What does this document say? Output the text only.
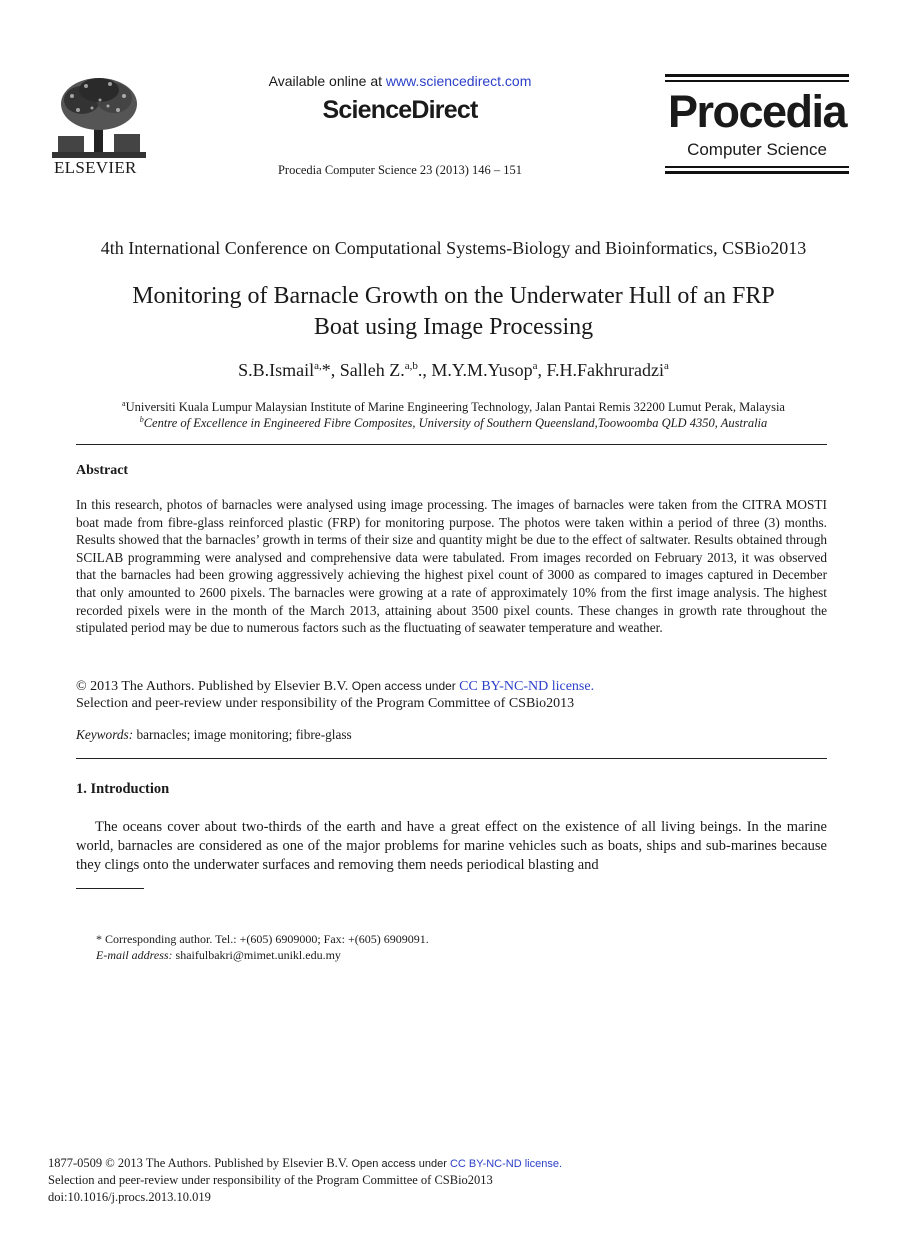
ELSEVIER
Available online at www.sciencedirect.com
ScienceDirect
Procedia Computer Science 23 (2013) 146 – 151
Procedia
Computer Science
4th International Conference on Computational Systems-Biology and Bioinformatics, CSBio2013
Monitoring of Barnacle Growth on the Underwater Hull of an FRP
Boat using Image Processing
S.B.Ismail$^{a,}$*, Salleh Z.$^{a,b}$., M.Y.M.Yusop$^a$, F.H.Fakhruradzi$^a$
$^a$Universiti Kuala Lumpur Malaysian Institute of Marine Engineering Technology, Jalan Pantai Remis 32200 Lumut Perak, Malaysia
$^b$Centre of Excellence in Engineered Fibre Composites, University of Southern Queensland,Toowoomba QLD 4350, Australia
Abstract
In this research, photos of barnacles were analysed using image processing. The images of barnacles were taken from the CITRA MOSTI boat made from fibre-glass reinforced plastic (FRP) for monitoring purpose. The photos were taken within a period of three (3) months. Results showed that the barnacles’ growth in terms of their size and quantity might be due to the effect of saltwater. Results obtained through SCILAB programming were analysed and comprehensive data were tabulated. From images recorded on February 2013, it was observed that the barnacles had been growing aggressively achieving the highest pixel count of 3000 as compared to images captured in December that only amounted to 2600 pixels. The barnacles were growing at a rate of approximately 10% from the first image analysis. The highest recorded pixels were in the month of the March 2013, attaining about 3500 pixel counts. These changes in growth rate throughout the stipulated period may be due to numerous factors such as the fluctuating of seawater temperature and weather.
© 2013 The Authors. Published by Elsevier B.V. Open access under CC BY-NC-ND license.
Selection and peer-review under responsibility of the Program Committee of CSBio2013
Keywords: barnacles; image monitoring; fibre-glass
1. Introduction
The oceans cover about two-thirds of the earth and have a great effect on the existence of all living beings. In the marine world, barnacles are considered as one of the major problems for marine vehicles such as boats, ships and sub-marines because they clings onto the underwater surfaces and removing them needs periodical blasting and
* Corresponding author. Tel.: +(605) 6909000; Fax: +(605) 6909091.
E-mail address: shaifulbakri@mimet.unikl.edu.my
1877-0509 © 2013 The Authors. Published by Elsevier B.V. Open access under CC BY-NC-ND license.
Selection and peer-review under responsibility of the Program Committee of CSBio2013
doi:10.1016/j.procs.2013.10.019
